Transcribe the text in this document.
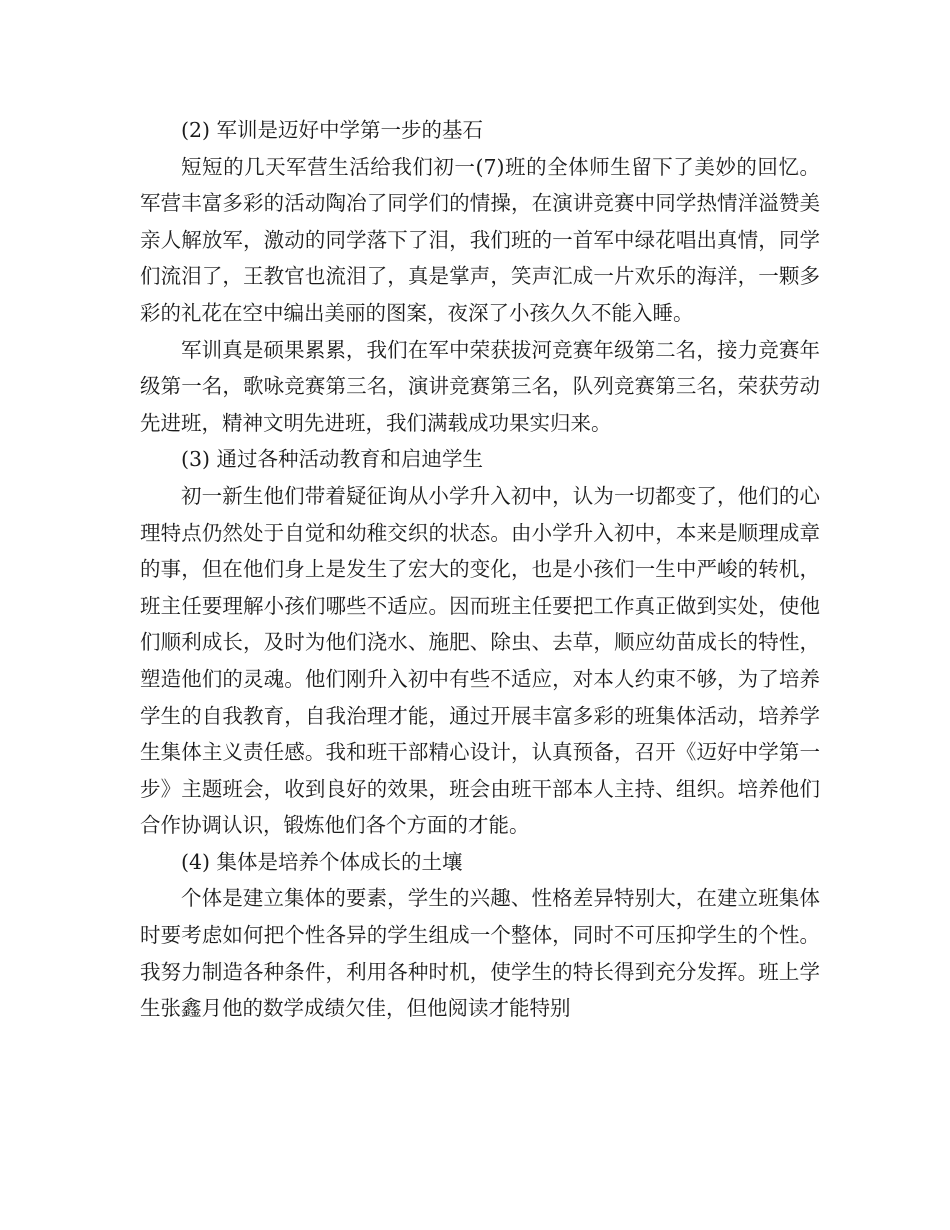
(2) 军训是迈好中学第一步的基石

短短的几天军营生活给我们初一(7)班的全体师生留下了美妙的回忆。军营丰富多彩的活动陶冶了同学们的情操，在演讲竞赛中同学热情洋溢赞美亲人解放军，激动的同学落下了泪，我们班的一首军中绿花唱出真情，同学们流泪了，王教官也流泪了，真是掌声，笑声汇成一片欢乐的海洋，一颗多彩的礼花在空中编出美丽的图案，夜深了小孩久久不能入睡。

军训真是硕果累累，我们在军中荣获拔河竞赛年级第二名，接力竞赛年级第一名，歌咏竞赛第三名，演讲竞赛第三名，队列竞赛第三名，荣获劳动先进班，精神文明先进班，我们满载成功果实归来。

(3) 通过各种活动教育和启迪学生

初一新生他们带着疑征询从小学升入初中，认为一切都变了，他们的心理特点仍然处于自觉和幼稚交织的状态。由小学升入初中，本来是顺理成章的事，但在他们身上是发生了宏大的变化，也是小孩们一生中严峻的转机，班主任要理解小孩们哪些不适应。因而班主任要把工作真正做到实处，使他们顺利成长，及时为他们浇水、施肥、除虫、去草，顺应幼苗成长的特性，塑造他们的灵魂。他们刚升入初中有些不适应，对本人约束不够，为了培养学生的自我教育，自我治理才能，通过开展丰富多彩的班集体活动，培养学生集体主义责任感。我和班干部精心设计，认真预备，召开《迈好中学第一步》主题班会，收到良好的效果，班会由班干部本人主持、组织。培养他们合作协调认识，锻炼他们各个方面的才能。

(4) 集体是培养个体成长的土壤

个体是建立集体的要素，学生的兴趣、性格差异特别大，在建立班集体时要考虑如何把个性各异的学生组成一个整体，同时不可压抑学生的个性。我努力制造各种条件，利用各种时机，使学生的特长得到充分发挥。班上学生张鑫月他的数学成绩欠佳，但他阅读才能特别
